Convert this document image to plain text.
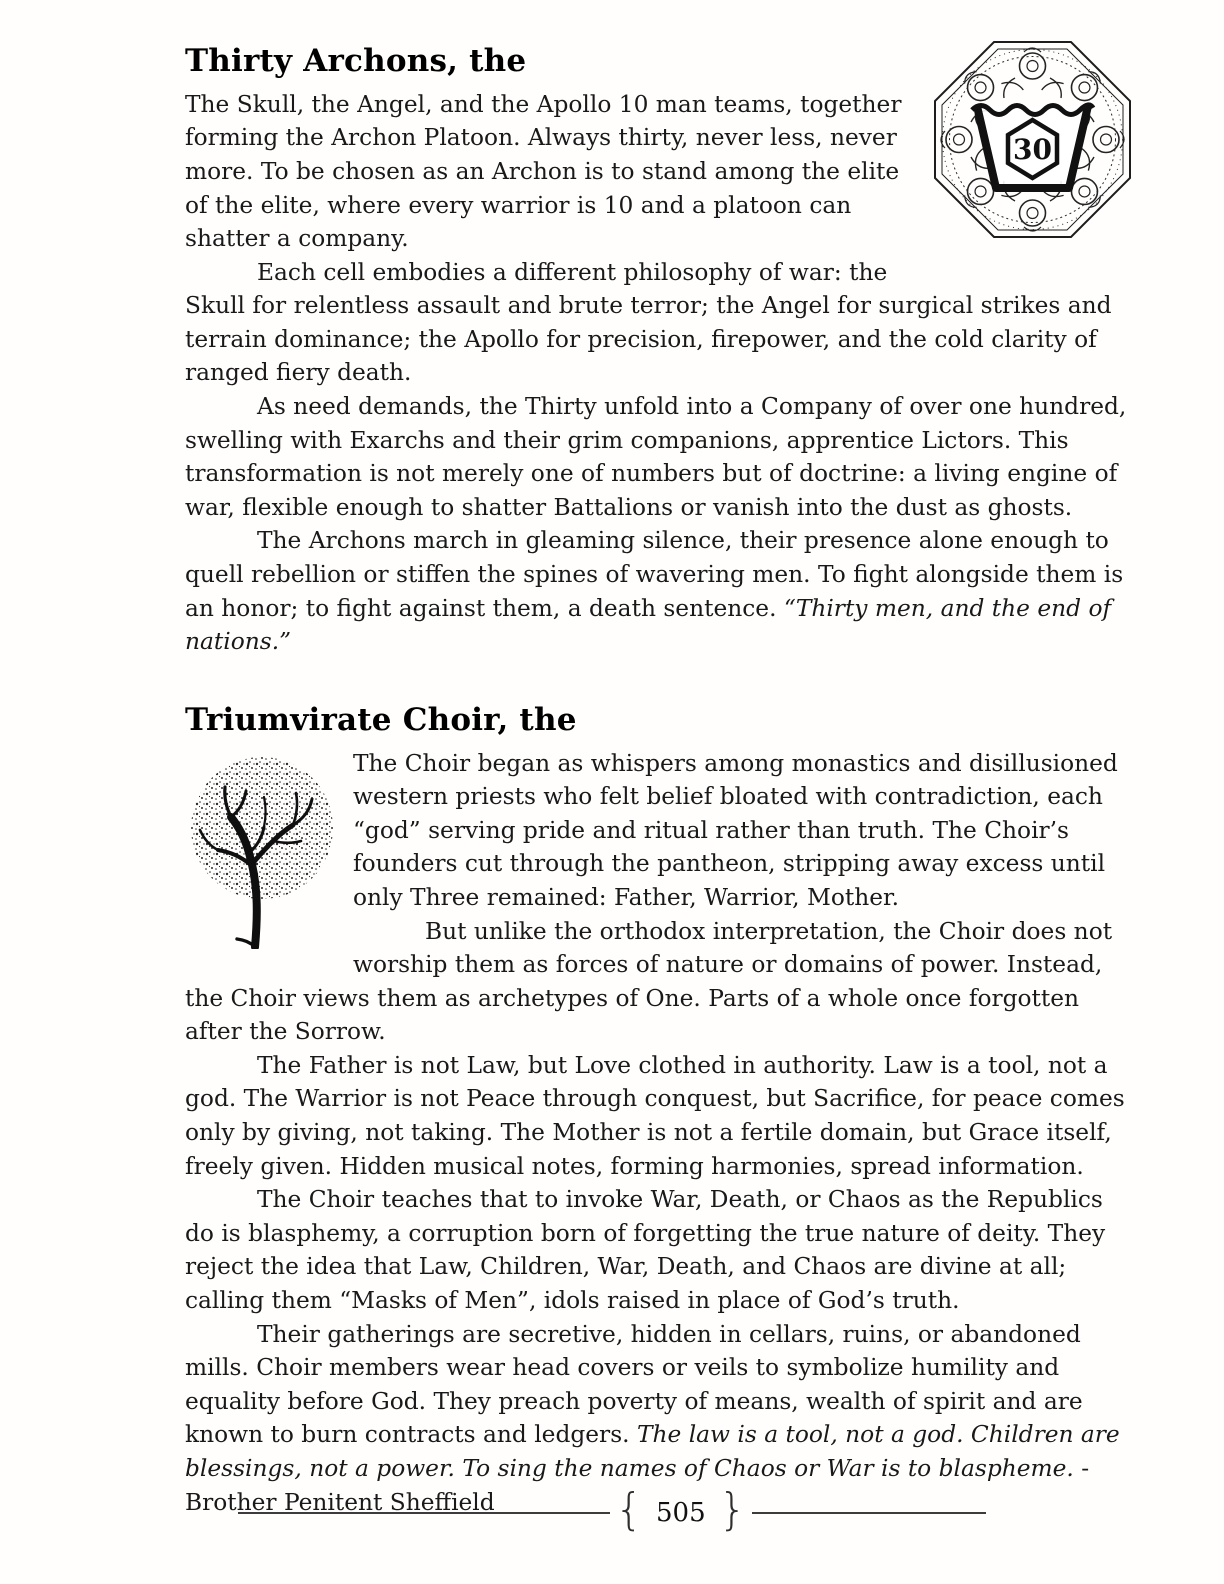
30
Thirty Archons, the

The Skull, the Angel, and the Apollo 10 man teams, together forming the Archon Platoon. Always thirty, never less, never more. To be chosen as an Archon is to stand among the elite of the elite, where every warrior is 10 and a platoon can shatter a company.

Each cell embodies a different philosophy of war: the Skull for relentless assault and brute terror; the Angel for surgical strikes and terrain dominance; the Apollo for precision, firepower, and the cold clarity of ranged fiery death.

As need demands, the Thirty unfold into a Company of over one hundred, swelling with Exarchs and their grim companions, apprentice Lictors. This transformation is not merely one of numbers but of doctrine: a living engine of war, flexible enough to shatter Battalions or vanish into the dust as ghosts.

The Archons march in gleaming silence, their presence alone enough to quell rebellion or stiffen the spines of wavering men. To fight alongside them is an honor; to fight against them, a death sentence. “Thirty men, and the end of nations.”

Triumvirate Choir, the

The Choir began as whispers among monastics and disillusioned western priests who felt belief bloated with contradiction, each “god” serving pride and ritual rather than truth. The Choir’s founders cut through the pantheon, stripping away excess until only Three remained: Father, Warrior, Mother.

But unlike the orthodox interpretation, the Choir does not worship them as forces of nature or domains of power. Instead, the Choir views them as archetypes of One. Parts of a whole once forgotten after the Sorrow.

The Father is not Law, but Love clothed in authority. Law is a tool, not a god. The Warrior is not Peace through conquest, but Sacrifice, for peace comes only by giving, not taking. The Mother is not a fertile domain, but Grace itself, freely given. Hidden musical notes, forming harmonies, spread information.

The Choir teaches that to invoke War, Death, or Chaos as the Republics do is blasphemy, a corruption born of forgetting the true nature of deity. They reject the idea that Law, Children, War, Death, and Chaos are divine at all; calling them “Masks of Men”, idols raised in place of God’s truth.

Their gatherings are secretive, hidden in cellars, ruins, or abandoned mills. Choir members wear head covers or veils to symbolize humility and equality before God. They preach poverty of means, wealth of spirit and are known to burn contracts and ledgers. The law is a tool, not a god. Children are blessings, not a power. To sing the names of Chaos or War is to blaspheme. - Brother Penitent Sheffield	{ 505 }
